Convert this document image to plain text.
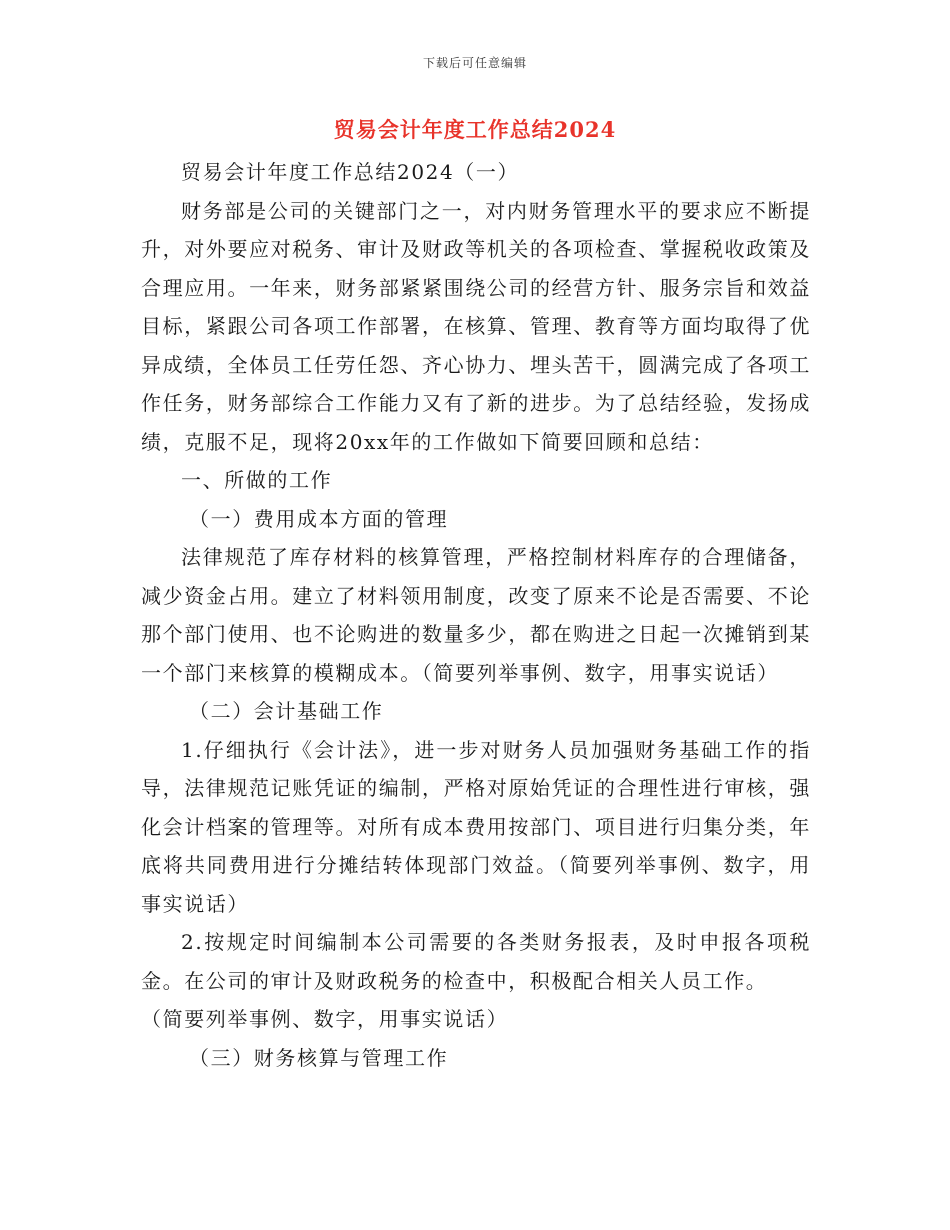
下载后可任意编辑
贸易会计年度工作总结2024

贸易会计年度工作总结2024（一）

财务部是公司的关键部门之一，对内财务管理水平的要求应不断提升，对外要应对税务、审计及财政等机关的各项检查、掌握税收政策及合理应用。一年来，财务部紧紧围绕公司的经营方针、服务宗旨和效益目标，紧跟公司各项工作部署，在核算、管理、教育等方面均取得了优异成绩，全体员工任劳任怨、齐心协力、埋头苦干，圆满完成了各项工作任务，财务部综合工作能力又有了新的进步。为了总结经验，发扬成绩，克服不足，现将20xx年的工作做如下简要回顾和总结：

一、所做的工作

（一）费用成本方面的管理

法律规范了库存材料的核算管理，严格控制材料库存的合理储备，减少资金占用。建立了材料领用制度，改变了原来不论是否需要、不论那个部门使用、也不论购进的数量多少，都在购进之日起一次摊销到某一个部门来核算的模糊成本。（简要列举事例、数字，用事实说话）

（二）会计基础工作

1.仔细执行《会计法》，进一步对财务人员加强财务基础工作的指导，法律规范记账凭证的编制，严格对原始凭证的合理性进行审核，强化会计档案的管理等。对所有成本费用按部门、项目进行归集分类，年底将共同费用进行分摊结转体现部门效益。（简要列举事例、数字，用事实说话）

2.按规定时间编制本公司需要的各类财务报表，及时申报各项税金。在公司的审计及财政税务的检查中，积极配合相关人员工作。

（简要列举事例、数字，用事实说话）

（三）财务核算与管理工作
